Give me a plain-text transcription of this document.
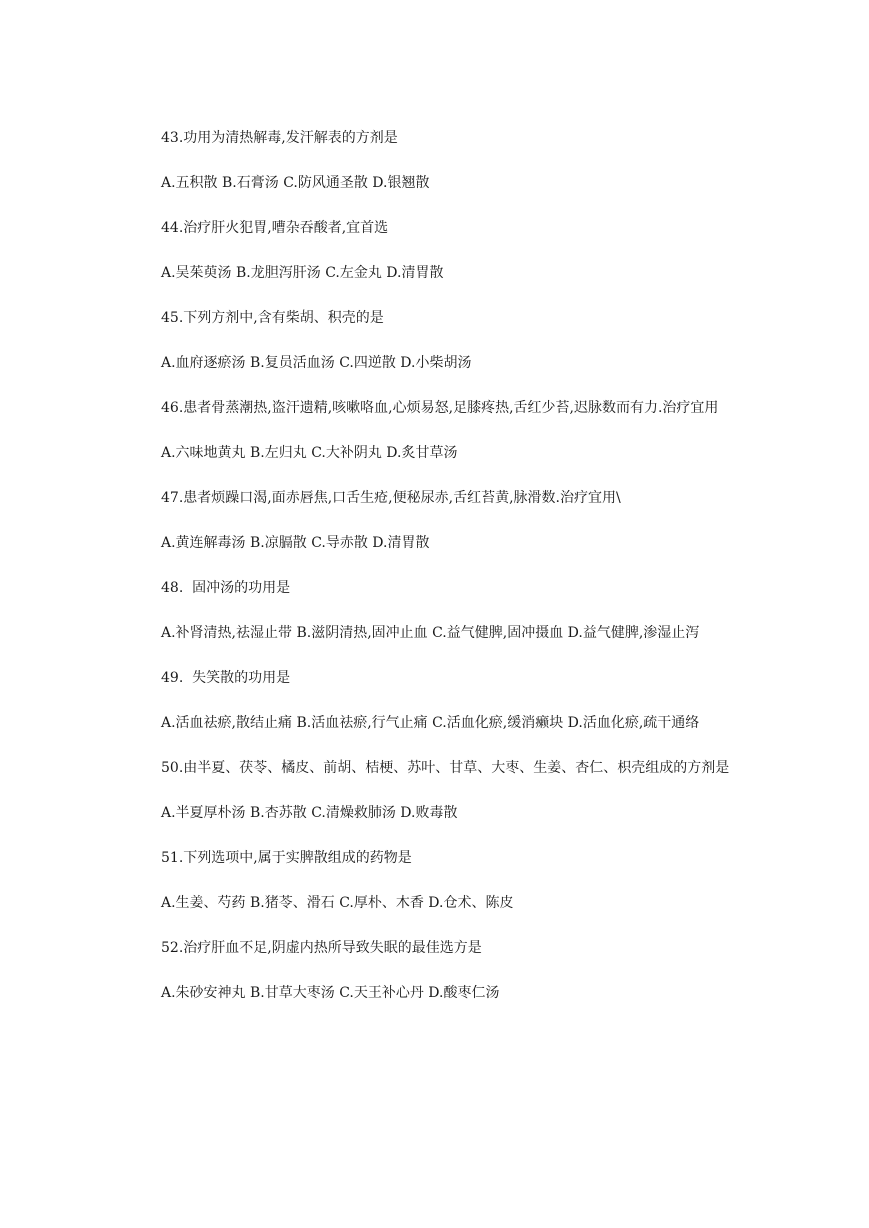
43.功用为清热解毒,发汗解表的方剂是

A.五积散 B.石膏汤 C.防风通圣散 D.银翘散

44.治疗肝火犯胃,嘈杂吞酸者,宜首选

A.吴茱萸汤 B.龙胆泻肝汤 C.左金丸 D.清胃散

45.下列方剂中,含有柴胡、积壳的是

A.血府逐瘀汤 B.复员活血汤 C.四逆散 D.小柴胡汤

46.患者骨蒸潮热,盗汗遗精,咳嗽咯血,心烦易怒,足膝疼热,舌红少苔,迟脉数而有力.治疗宜用

A.六味地黄丸 B.左归丸 C.大补阴丸 D.炙甘草汤

47.患者烦躁口渴,面赤唇焦,口舌生疮,便秘尿赤,舌红苔黄,脉滑数.治疗宜用\

A.黄连解毒汤 B.凉膈散 C.导赤散 D.清胃散

48.  固冲汤的功用是

A.补肾清热,祛湿止带 B.滋阴清热,固冲止血 C.益气健脾,固冲摄血 D.益气健脾,渗湿止泻

49.  失笑散的功用是

A.活血祛瘀,散结止痛 B.活血祛瘀,行气止痛 C.活血化瘀,缓消癞块 D.活血化瘀,疏干通络

50.由半夏、茯苓、橘皮、前胡、桔梗、苏叶、甘草、大枣、生姜、杏仁、枳壳组成的方剂是

A.半夏厚朴汤 B.杏苏散 C.清燥救肺汤 D.败毒散

51.下列选项中,属于实脾散组成的药物是

A.生姜、芍药 B.猪苓、滑石 C.厚朴、木香 D.仓术、陈皮

52.治疗肝血不足,阴虚内热所导致失眠的最佳选方是

A.朱砂安神丸 B.甘草大枣汤 C.天王补心丹 D.酸枣仁汤
